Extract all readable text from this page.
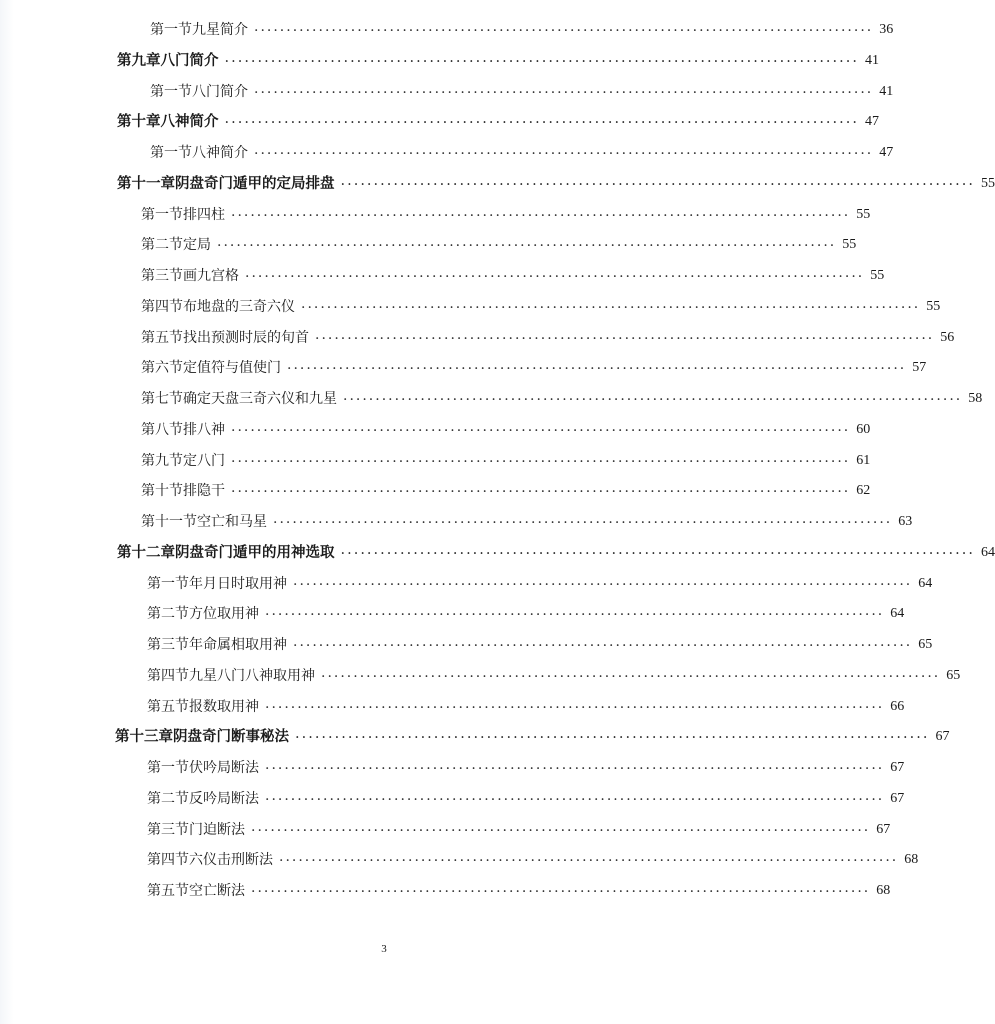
第一节 九星简介 ································································································ 36
第九章 八门简介 ································································································ 41
第一节 八门简介 ································································································ 41
第十章 八神简介 ································································································ 47
第一节 八神简介 ································································································ 47
第十一章 阴盘奇门遁甲的定局排盘 ································································································ 55
第一节 排四柱 ································································································ 55
第二节 定局 ································································································ 55
第三节 画九宫格 ································································································ 55
第四节 布地盘的三奇六仪 ································································································ 55
第五节 找出预测时辰的旬首 ································································································ 56
第六节 定值符与值使门 ································································································ 57
第七节 确定天盘三奇六仪和九星 ································································································ 58
第八节 排八神 ································································································ 60
第九节 定八门 ································································································ 61
第十节 排隐干 ································································································ 62
第十一节 空亡和马星 ································································································ 63
第十二章 阴盘奇门遁甲的用神选取 ································································································ 64
第一节 年月日时取用神 ································································································ 64
第二节 方位取用神 ································································································ 64
第三节 年命属相取用神 ································································································ 65
第四节 九星八门八神取用神 ································································································ 65
第五节 报数取用神 ································································································ 66
第十三章 阴盘奇门断事秘法 ································································································ 67
第一节 伏吟局断法 ································································································ 67
第二节 反吟局断法 ································································································ 67
第三节 门迫断法 ································································································ 67
第四节 六仪击刑断法 ································································································ 68
第五节 空亡断法 ································································································ 68
3
